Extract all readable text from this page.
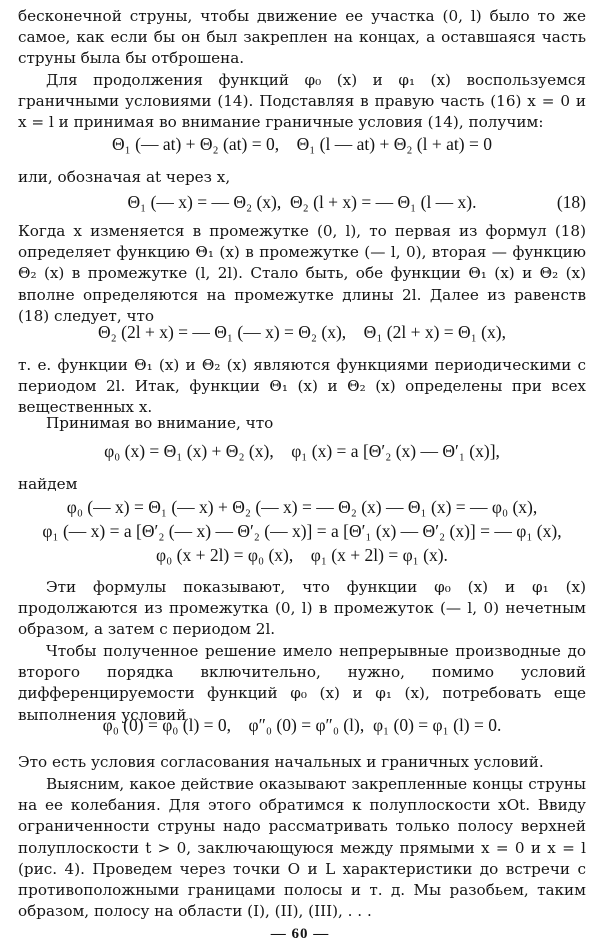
бесконечной струны, чтобы движение ее участка (0, l) было то же самое, как если бы он был закреплен на концах, а оставшаяся часть струны была бы отброшена.
Для продолжения функций φ₀ (x) и φ₁ (x) воспользуемся граничными условиями (14). Подставляя в правую часть (16) x = 0 и x = l и принимая во внимание граничные условия (14), получим:
Θ₁ (— at) + Θ₂ (at) = 0,    Θ₁ (l — at) + Θ₂ (l + at) = 0
или, обозначая at через x,
Θ₁ (— x) = — Θ₂ (x),  Θ₂ (l + x) = — Θ₁ (l — x).	(18)
Когда x изменяется в промежутке (0, l), то первая из формул (18) определяет функцию Θ₁ (x) в промежутке (— l, 0), вторая — функцию Θ₂ (x) в промежутке (l, 2l). Стало быть, обе функции Θ₁ (x) и Θ₂ (x) вполне определяются на промежутке длины 2l. Далее из равенств (18) следует, что
Θ₂ (2l + x) = — Θ₁ (— x) = Θ₂ (x),    Θ₁ (2l + x) = Θ₁ (x),
т. е. функции Θ₁ (x) и Θ₂ (x) являются функциями периодическими с периодом 2l. Итак, функции Θ₁ (x) и Θ₂ (x) определены при всех вещественных x.
Принимая во внимание, что
φ₀ (x) = Θ₁ (x) + Θ₂ (x),    φ₁ (x) = a [Θ′₂ (x) — Θ′₁ (x)],
найдем
φ₀ (— x) = Θ₁ (— x) + Θ₂ (— x) = — Θ₂ (x) — Θ₁ (x) = — φ₀ (x),
φ₁ (— x) = a [Θ′₂ (— x) — Θ′₂ (— x)] = a [Θ′₁ (x) — Θ′₂ (x)] = — φ₁ (x),
φ₀ (x + 2l) = φ₀ (x),    φ₁ (x + 2l) = φ₁ (x).
Эти формулы показывают, что функции φ₀ (x) и φ₁ (x) продолжаются из промежутка (0, l) в промежуток (— l, 0) нечетным образом, а затем с периодом 2l.
Чтобы полученное решение имело непрерывные производные до второго порядка включительно, нужно, помимо условий дифференцируемости функций φ₀ (x) и φ₁ (x), потребовать еще выполнения условий
φ₀ (0) = φ₀ (l) = 0,    φ″₀ (0) = φ″₀ (l),  φ₁ (0) = φ₁ (l) = 0.
Это есть условия согласования начальных и граничных условий.
Выясним, какое действие оказывают закрепленные концы струны на ее колебания. Для этого обратимся к полуплоскости xOt. Ввиду ограниченности струны надо рассматривать только полосу верхней полуплоскости t > 0, заключающуюся между прямыми x = 0 и x = l (рис. 4). Проведем через точки O и L характеристики до встречи с противоположными границами полосы и т. д. Мы разобьем, таким образом, полосу на области (I), (II), (III), . . .
— 60 —
